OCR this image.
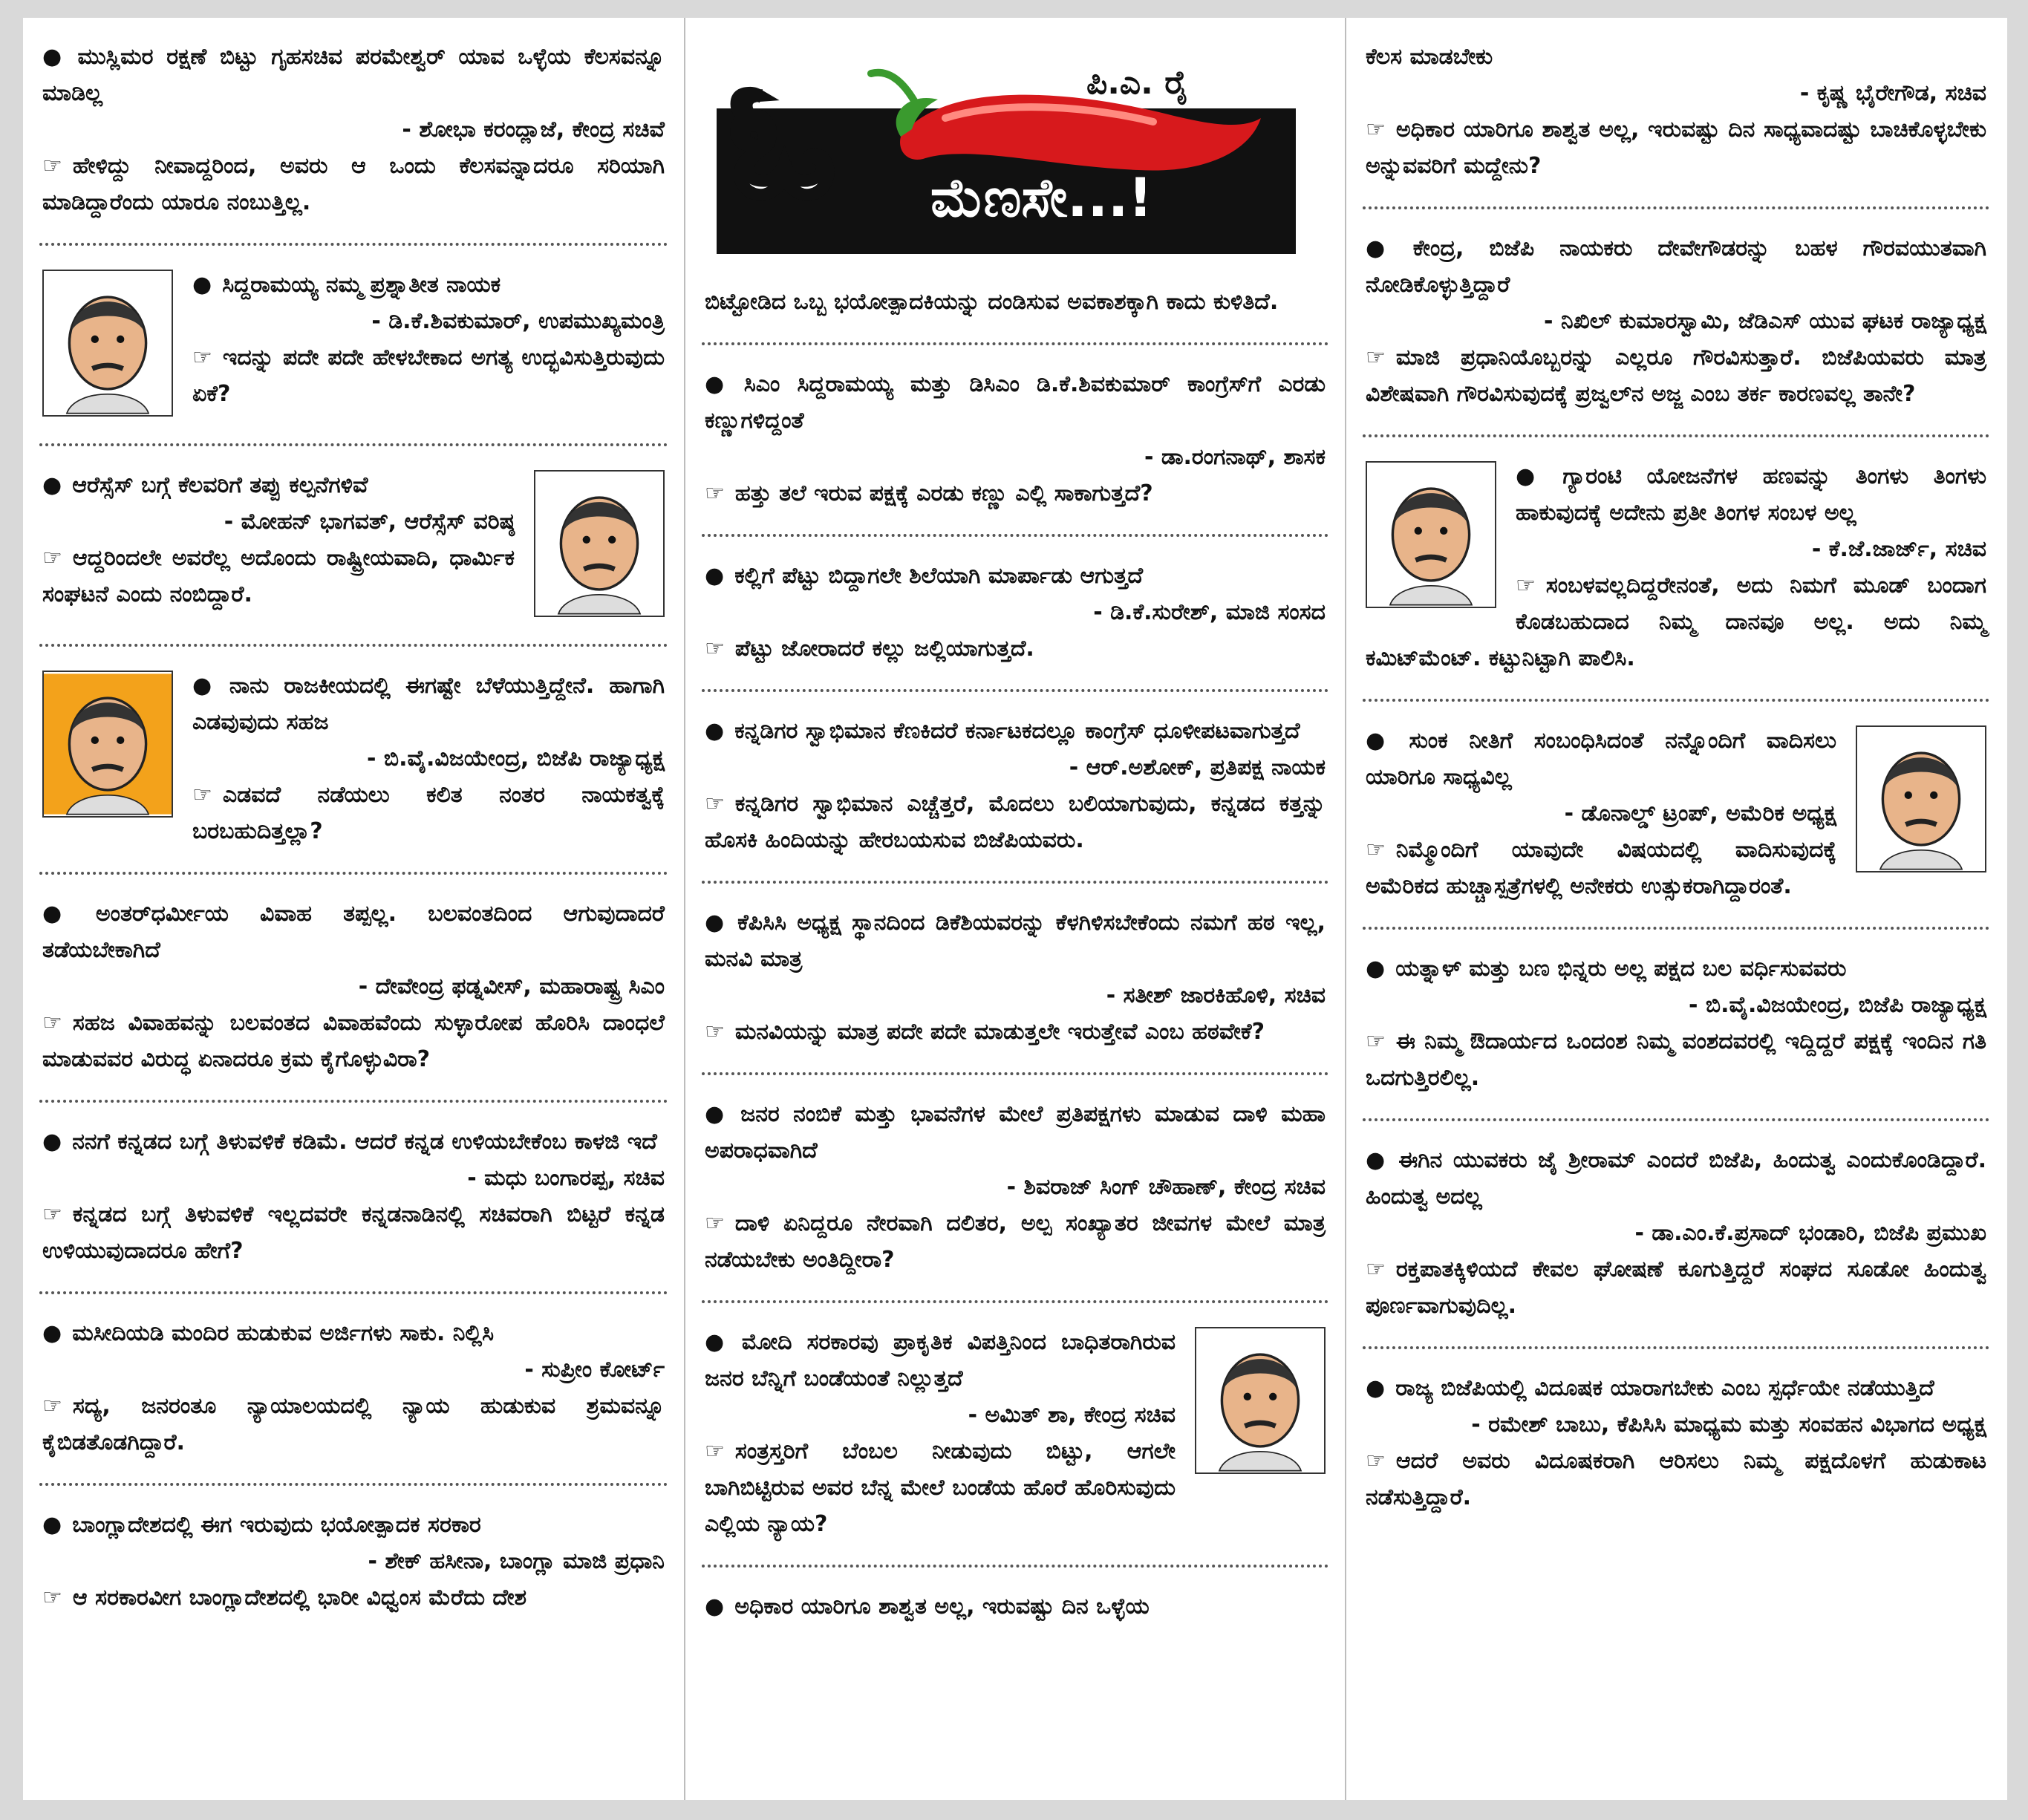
● ಮುಸ್ಲಿಮರ ರಕ್ಷಣೆ ಬಿಟ್ಟು ಗೃಹಸಚಿವ ಪರಮೇಶ್ವರ್ ಯಾವ ಒಳ್ಳೆಯ ಕೆಲಸವನ್ನೂ ಮಾಡಿಲ್ಲ
- ಶೋಭಾ ಕರಂದ್ಲಾಜೆ, ಕೇಂದ್ರ ಸಚಿವೆ
☞ ಹೇಳಿದ್ದು ನೀವಾದ್ದರಿಂದ, ಅವರು ಆ ಒಂದು ಕೆಲಸವನ್ನಾದರೂ ಸರಿಯಾಗಿ ಮಾಡಿದ್ದಾರೆಂದು ಯಾರೂ ನಂಬುತ್ತಿಲ್ಲ.
● ಸಿದ್ದರಾಮಯ್ಯ ನಮ್ಮ ಪ್ರಶ್ನಾತೀತ ನಾಯಕ
- ಡಿ.ಕೆ.ಶಿವಕುಮಾರ್, ಉಪಮುಖ್ಯಮಂತ್ರಿ
☞ ಇದನ್ನು ಪದೇ ಪದೇ ಹೇಳಬೇಕಾದ ಅಗತ್ಯ ಉದ್ಭವಿಸುತ್ತಿರುವುದು ಏಕೆ?
● ಆರೆಸ್ಸೆಸ್ ಬಗ್ಗೆ ಕೆಲವರಿಗೆ ತಪ್ಪು ಕಲ್ಪನೆಗಳಿವೆ
- ಮೋಹನ್ ಭಾಗವತ್, ಆರೆಸ್ಸೆಸ್ ವರಿಷ್ಠ
☞ ಆದ್ದರಿಂದಲೇ ಅವರೆಲ್ಲ ಅದೊಂದು ರಾಷ್ಟ್ರೀಯವಾದಿ, ಧಾರ್ಮಿಕ ಸಂಘಟನೆ ಎಂದು ನಂಬಿದ್ದಾರೆ.
● ನಾನು ರಾಜಕೀಯದಲ್ಲಿ ಈಗಷ್ಟೇ ಬೆಳೆಯುತ್ತಿದ್ದೇನೆ. ಹಾಗಾಗಿ ಎಡವುವುದು ಸಹಜ
- ಬಿ.ವೈ.ವಿಜಯೇಂದ್ರ, ಬಿಜೆಪಿ ರಾಜ್ಯಾಧ್ಯಕ್ಷ
☞ ಎಡವದೆ ನಡೆಯಲು ಕಲಿತ ನಂತರ ನಾಯಕತ್ವಕ್ಕೆ ಬರಬಹುದಿತ್ತಲ್ಲಾ?
● ಅಂತರ್‌ಧರ್ಮೀಯ ವಿವಾಹ ತಪ್ಪಲ್ಲ. ಬಲವಂತದಿಂದ ಆಗುವುದಾದರೆ ತಡೆಯಬೇಕಾಗಿದೆ
- ದೇವೇಂದ್ರ ಫಡ್ನವೀಸ್, ಮಹಾರಾಷ್ಟ್ರ ಸಿಎಂ
☞ ಸಹಜ ವಿವಾಹವನ್ನು ಬಲವಂತದ ವಿವಾಹವೆಂದು ಸುಳ್ಳಾರೋಪ ಹೊರಿಸಿ ದಾಂಧಲೆ ಮಾಡುವವರ ವಿರುದ್ಧ ಏನಾದರೂ ಕ್ರಮ ಕೈಗೊಳ್ಳುವಿರಾ?
● ನನಗೆ ಕನ್ನಡದ ಬಗ್ಗೆ ತಿಳುವಳಿಕೆ ಕಡಿಮೆ. ಆದರೆ ಕನ್ನಡ ಉಳಿಯಬೇಕೆಂಬ ಕಾಳಜಿ ಇದೆ
- ಮಧು ಬಂಗಾರಪ್ಪ, ಸಚಿವ
☞ ಕನ್ನಡದ ಬಗ್ಗೆ ತಿಳುವಳಿಕೆ ಇಲ್ಲದವರೇ ಕನ್ನಡನಾಡಿನಲ್ಲಿ ಸಚಿವರಾಗಿ ಬಿಟ್ಟರೆ ಕನ್ನಡ ಉಳಿಯುವುದಾದರೂ ಹೇಗೆ?
● ಮಸೀದಿಯಡಿ ಮಂದಿರ ಹುಡುಕುವ ಅರ್ಜಿಗಳು ಸಾಕು. ನಿಲ್ಲಿಸಿ
- ಸುಪ್ರೀಂ ಕೋರ್ಟ್
☞ ಸದ್ಯ, ಜನರಂತೂ ನ್ಯಾಯಾಲಯದಲ್ಲಿ ನ್ಯಾಯ ಹುಡುಕುವ ಶ್ರಮವನ್ನೂ ಕೈಬಿಡತೊಡಗಿದ್ದಾರೆ.
● ಬಾಂಗ್ಲಾದೇಶದಲ್ಲಿ ಈಗ ಇರುವುದು ಭಯೋತ್ಪಾದಕ ಸರಕಾರ
- ಶೇಕ್ ಹಸೀನಾ, ಬಾಂಗ್ಲಾ ಮಾಜಿ ಪ್ರಧಾನಿ
☞ ಆ ಸರಕಾರವೀಗ ಬಾಂಗ್ಲಾದೇಶದಲ್ಲಿ ಭಾರೀ ವಿಧ್ವಂಸ ಮೆರೆದು ದೇಶ
ಓ ಮೆಣಸೇ...!
ಪಿ.ಎ. ರೈ
ಬಿಟ್ಟೋಡಿದ ಒಬ್ಬ ಭಯೋತ್ಪಾದಕಿಯನ್ನು ದಂಡಿಸುವ ಅವಕಾಶಕ್ಕಾಗಿ ಕಾದು ಕುಳಿತಿದೆ.
● ಸಿಎಂ ಸಿದ್ದರಾಮಯ್ಯ ಮತ್ತು ಡಿಸಿಎಂ ಡಿ.ಕೆ.ಶಿವಕುಮಾರ್ ಕಾಂಗ್ರೆಸ್‌ಗೆ ಎರಡು ಕಣ್ಣುಗಳಿದ್ದಂತೆ
- ಡಾ.ರಂಗನಾಥ್, ಶಾಸಕ
☞ ಹತ್ತು ತಲೆ ಇರುವ ಪಕ್ಷಕ್ಕೆ ಎರಡು ಕಣ್ಣು ಎಲ್ಲಿ ಸಾಕಾಗುತ್ತದೆ?
● ಕಲ್ಲಿಗೆ ಪೆಟ್ಟು ಬಿದ್ದಾಗಲೇ ಶಿಲೆಯಾಗಿ ಮಾರ್ಪಾಡು ಆಗುತ್ತದೆ
- ಡಿ.ಕೆ.ಸುರೇಶ್, ಮಾಜಿ ಸಂಸದ
☞ ಪೆಟ್ಟು ಜೋರಾದರೆ ಕಲ್ಲು ಜಲ್ಲಿಯಾಗುತ್ತದೆ.
● ಕನ್ನಡಿಗರ ಸ್ವಾಭಿಮಾನ ಕೆಣಕಿದರೆ ಕರ್ನಾಟಕದಲ್ಲೂ ಕಾಂಗ್ರೆಸ್ ಧೂಳೀಪಟವಾಗುತ್ತದೆ
- ಆರ್.ಅಶೋಕ್, ಪ್ರತಿಪಕ್ಷ ನಾಯಕ
☞ ಕನ್ನಡಿಗರ ಸ್ವಾಭಿಮಾನ ಎಚ್ಚೆತ್ತರೆ, ಮೊದಲು ಬಲಿಯಾಗುವುದು, ಕನ್ನಡದ ಕತ್ತನ್ನು ಹೊಸಕಿ ಹಿಂದಿಯನ್ನು ಹೇರಬಯಸುವ ಬಿಜೆಪಿಯವರು.
● ಕೆಪಿಸಿಸಿ ಅಧ್ಯಕ್ಷ ಸ್ಥಾನದಿಂದ ಡಿಕೆಶಿಯವರನ್ನು ಕೆಳಗಿಳಿಸಬೇಕೆಂದು ನಮಗೆ ಹಠ ಇಲ್ಲ, ಮನವಿ ಮಾತ್ರ
- ಸತೀಶ್ ಜಾರಕಿಹೊಳಿ, ಸಚಿವ
☞ ಮನವಿಯನ್ನು ಮಾತ್ರ ಪದೇ ಪದೇ ಮಾಡುತ್ತಲೇ ಇರುತ್ತೇವೆ ಎಂಬ ಹಠವೇಕೆ?
● ಜನರ ನಂಬಿಕೆ ಮತ್ತು ಭಾವನೆಗಳ ಮೇಲೆ ಪ್ರತಿಪಕ್ಷಗಳು ಮಾಡುವ ದಾಳಿ ಮಹಾ ಅಪರಾಧವಾಗಿದೆ
- ಶಿವರಾಜ್ ಸಿಂಗ್ ಚೌಹಾಣ್, ಕೇಂದ್ರ ಸಚಿವ
☞ ದಾಳಿ ಏನಿದ್ದರೂ ನೇರವಾಗಿ ದಲಿತರ, ಅಲ್ಪ ಸಂಖ್ಯಾತರ ಜೀವಗಳ ಮೇಲೆ ಮಾತ್ರ ನಡೆಯಬೇಕು ಅಂತಿದ್ದೀರಾ?
● ಮೋದಿ ಸರಕಾರವು ಪ್ರಾಕೃತಿಕ ವಿಪತ್ತಿನಿಂದ ಬಾಧಿತರಾಗಿರುವ ಜನರ ಬೆನ್ನಿಗೆ ಬಂಡೆಯಂತೆ ನಿಲ್ಲುತ್ತದೆ
- ಅಮಿತ್ ಶಾ, ಕೇಂದ್ರ ಸಚಿವ
☞ ಸಂತ್ರಸ್ತರಿಗೆ ಬೆಂಬಲ ನೀಡುವುದು ಬಿಟ್ಟು, ಆಗಲೇ ಬಾಗಿಬಿಟ್ಟಿರುವ ಅವರ ಬೆನ್ನ ಮೇಲೆ ಬಂಡೆಯ ಹೊರೆ ಹೊರಿಸುವುದು ಎಲ್ಲಿಯ ನ್ಯಾಯ?
● ಅಧಿಕಾರ ಯಾರಿಗೂ ಶಾಶ್ವತ ಅಲ್ಲ, ಇರುವಷ್ಟು ದಿನ ಒಳ್ಳೆಯ
ಕೆಲಸ ಮಾಡಬೇಕು
- ಕೃಷ್ಣ ಭೈರೇಗೌಡ, ಸಚಿವ
☞ ಅಧಿಕಾರ ಯಾರಿಗೂ ಶಾಶ್ವತ ಅಲ್ಲ, ಇರುವಷ್ಟು ದಿನ ಸಾಧ್ಯವಾದಷ್ಟು ಬಾಚಿಕೊಳ್ಳಬೇಕು ಅನ್ನುವವರಿಗೆ ಮದ್ದೇನು?
● ಕೇಂದ್ರ, ಬಿಜೆಪಿ ನಾಯಕರು ದೇವೇಗೌಡರನ್ನು ಬಹಳ ಗೌರವಯುತವಾಗಿ ನೋಡಿಕೊಳ್ಳುತ್ತಿದ್ದಾರೆ
- ನಿಖಿಲ್ ಕುಮಾರಸ್ವಾಮಿ, ಜೆಡಿಎಸ್ ಯುವ ಘಟಕ ರಾಜ್ಯಾಧ್ಯಕ್ಷ
☞ ಮಾಜಿ ಪ್ರಧಾನಿಯೊಬ್ಬರನ್ನು ಎಲ್ಲರೂ ಗೌರವಿಸುತ್ತಾರೆ. ಬಿಜೆಪಿಯವರು ಮಾತ್ರ ವಿಶೇಷವಾಗಿ ಗೌರವಿಸುವುದಕ್ಕೆ ಪ್ರಜ್ವಲ್‌ನ ಅಜ್ಜ ಎಂಬ ತರ್ಕ ಕಾರಣವಲ್ಲ ತಾನೇ?
● ಗ್ಯಾರಂಟಿ ಯೋಜನೆಗಳ ಹಣವನ್ನು ತಿಂಗಳು ತಿಂಗಳು ಹಾಕುವುದಕ್ಕೆ ಅದೇನು ಪ್ರತೀ ತಿಂಗಳ ಸಂಬಳ ಅಲ್ಲ
- ಕೆ.ಜೆ.ಜಾರ್ಜ್, ಸಚಿವ
☞ ಸಂಬಳವಲ್ಲದಿದ್ದರೇನಂತೆ, ಅದು ನಿಮಗೆ ಮೂಡ್ ಬಂದಾಗ ಕೊಡಬಹುದಾದ ನಿಮ್ಮ ದಾನವೂ ಅಲ್ಲ. ಅದು ನಿಮ್ಮ ಕಮಿಟ್‌ಮೆಂಟ್. ಕಟ್ಟುನಿಟ್ಟಾಗಿ ಪಾಲಿಸಿ.
● ಸುಂಕ ನೀತಿಗೆ ಸಂಬಂಧಿಸಿದಂತೆ ನನ್ನೊಂದಿಗೆ ವಾದಿಸಲು ಯಾರಿಗೂ ಸಾಧ್ಯವಿಲ್ಲ
- ಡೊನಾಲ್ಡ್ ಟ್ರಂಪ್, ಅಮೆರಿಕ ಅಧ್ಯಕ್ಷ
☞ ನಿಮ್ಮೊಂದಿಗೆ ಯಾವುದೇ ವಿಷಯದಲ್ಲಿ ವಾದಿಸುವುದಕ್ಕೆ ಅಮೆರಿಕದ ಹುಚ್ಚಾಸ್ಪತ್ರೆಗಳಲ್ಲಿ ಅನೇಕರು ಉತ್ಸುಕರಾಗಿದ್ದಾರಂತೆ.
● ಯತ್ನಾಳ್ ಮತ್ತು ಬಣ ಭಿನ್ನರು ಅಲ್ಲ ಪಕ್ಷದ ಬಲ ವರ್ಧಿಸುವವರು
- ಬಿ.ವೈ.ವಿಜಯೇಂದ್ರ, ಬಿಜೆಪಿ ರಾಜ್ಯಾಧ್ಯಕ್ಷ
☞ ಈ ನಿಮ್ಮ ಔದಾರ್ಯದ ಒಂದಂಶ ನಿಮ್ಮ ವಂಶದವರಲ್ಲಿ ಇದ್ದಿದ್ದರೆ ಪಕ್ಷಕ್ಕೆ ಇಂದಿನ ಗತಿ ಒದಗುತ್ತಿರಲಿಲ್ಲ.
● ಈಗಿನ ಯುವಕರು ಜೈ ಶ್ರೀರಾಮ್ ಎಂದರೆ ಬಿಜೆಪಿ, ಹಿಂದುತ್ವ ಎಂದುಕೊಂಡಿದ್ದಾರೆ. ಹಿಂದುತ್ವ ಅದಲ್ಲ
- ಡಾ.ಎಂ.ಕೆ.ಪ್ರಸಾದ್ ಭಂಡಾರಿ, ಬಿಜೆಪಿ ಪ್ರಮುಖ
☞ ರಕ್ತಪಾತಕ್ಕಿಳಿಯದೆ ಕೇವಲ ಘೋಷಣೆ ಕೂಗುತ್ತಿದ್ದರೆ ಸಂಘದ ಸೂಡೋ ಹಿಂದುತ್ವ ಪೂರ್ಣವಾಗುವುದಿಲ್ಲ.
● ರಾಜ್ಯ ಬಿಜೆಪಿಯಲ್ಲಿ ವಿದೂಷಕ ಯಾರಾಗಬೇಕು ಎಂಬ ಸ್ಪರ್ಧೆಯೇ ನಡೆಯುತ್ತಿದೆ
- ರಮೇಶ್ ಬಾಬು, ಕೆಪಿಸಿಸಿ ಮಾಧ್ಯಮ ಮತ್ತು ಸಂವಹನ ವಿಭಾಗದ ಅಧ್ಯಕ್ಷ
☞ ಆದರೆ ಅವರು ವಿದೂಷಕರಾಗಿ ಆರಿಸಲು ನಿಮ್ಮ ಪಕ್ಷದೊಳಗೆ ಹುಡುಕಾಟ ನಡೆಸುತ್ತಿದ್ದಾರೆ.
